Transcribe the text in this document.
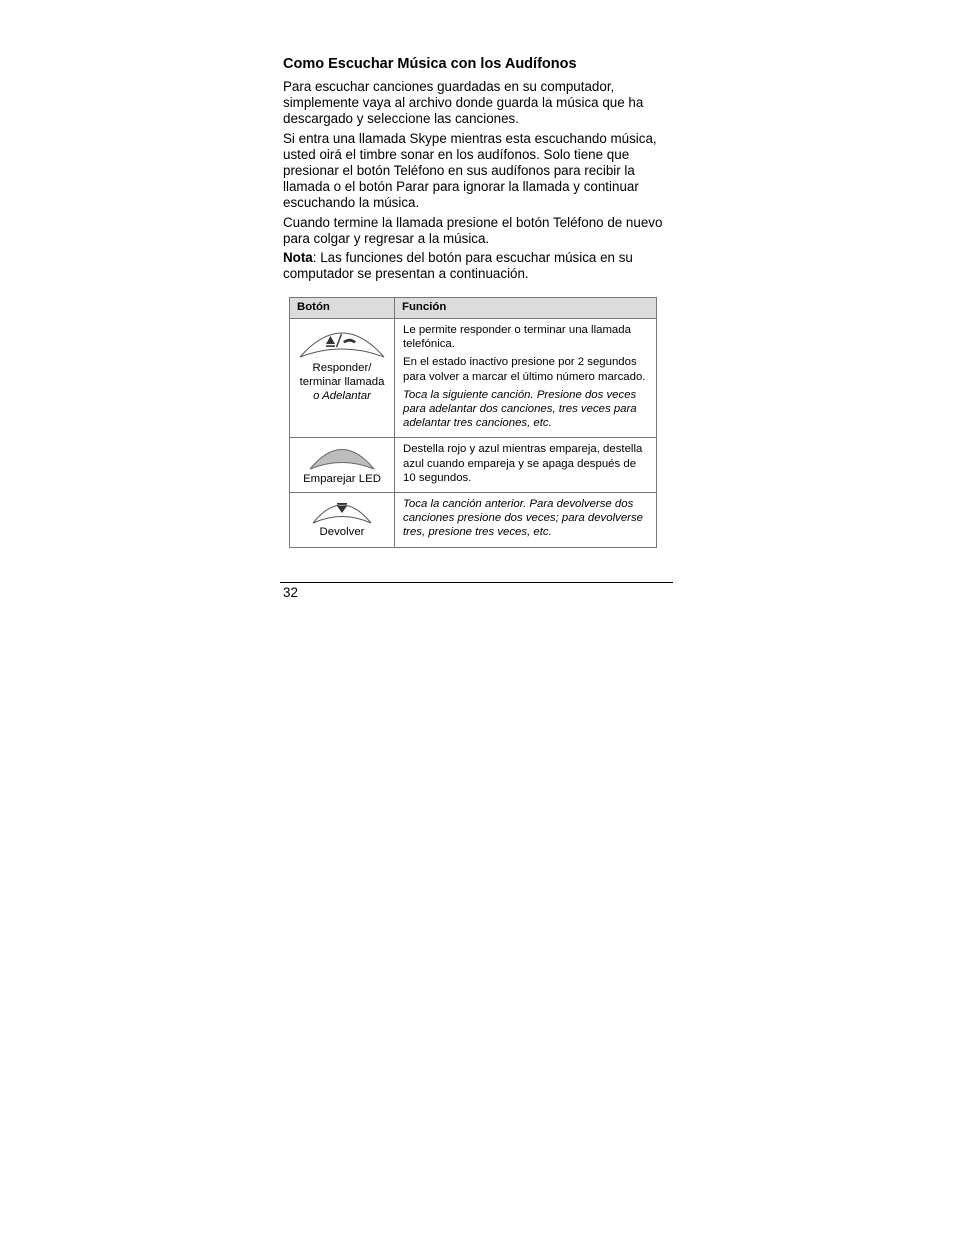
Como Escuchar Música con los Audífonos

Para escuchar canciones guardadas en su computador, simplemente vaya al archivo donde guarda la música que ha descargado y seleccione las canciones.

Si entra una llamada Skype mientras esta escuchando música, usted oirá el timbre sonar en los audífonos. Solo tiene que presionar el botón Teléfono en sus audífonos para recibir la llamada o el botón Parar para ignorar la llamada y continuar escuchando la música.

Cuando termine la llamada presione el botón Teléfono de nuevo para colgar y regresar a la música.

Nota: Las funciones del botón para escuchar música en su computador se presentan a continuación.

Botón	Función

Responder/ terminar llamada o Adelantar	Le permite responder o terminar una llamada telefónica.

En el estado inactivo presione por 2 segundos para volver a marcar el último número marcado.

Toca la siguiente canción. Presione dos veces para adelantar dos canciones, tres veces para adelantar tres canciones, etc.

Emparejar LED	Destella rojo y azul mientras empareja, destella azul cuando empareja y se apaga después de 10 segundos.

Devolver	Toca la canción anterior. Para devolverse dos canciones presione dos veces; para devolverse tres, presione tres veces, etc.

32
